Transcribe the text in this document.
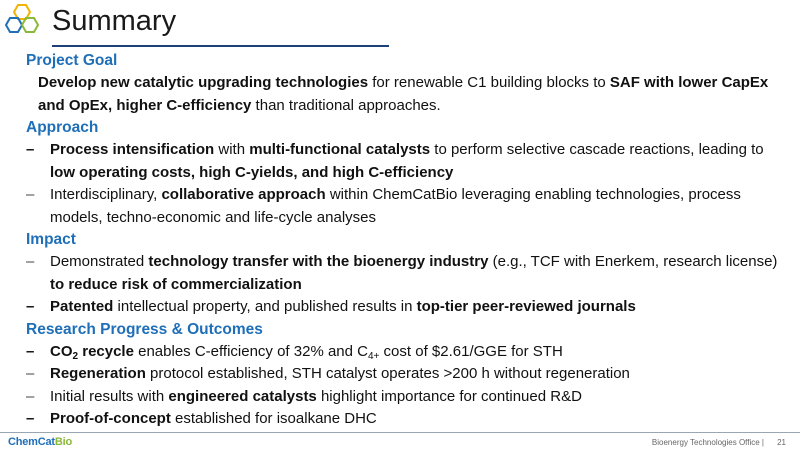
Summary
Project Goal
Develop new catalytic upgrading technologies for renewable C1 building blocks to SAF with lower CapEx and OpEx, higher C-efficiency than traditional approaches.
Approach
–	Process intensification with multi-functional catalysts to perform selective cascade reactions, leading to low operating costs, high C-yields, and high C-efficiency
–	Interdisciplinary, collaborative approach within ChemCatBio leveraging enabling technologies, process models, techno-economic and life-cycle analyses
Impact
–	Demonstrated technology transfer with the bioenergy industry (e.g., TCF with Enerkem, research license) to reduce risk of commercialization
–	Patented intellectual property, and published results in top-tier peer-reviewed journals
Research Progress & Outcomes
–	$CO_2$ recycle enables C-efficiency of 32% and $C_{4+}$ cost of $2.61/GGE for STH
–	Regeneration protocol established, STH catalyst operates >200 h without regeneration
–	Initial results with engineered catalysts highlight importance for continued R&D
–	Proof-of-concept established for isoalkane DHC
ChemCatBio	Bioenergy Technologies Office | 21
